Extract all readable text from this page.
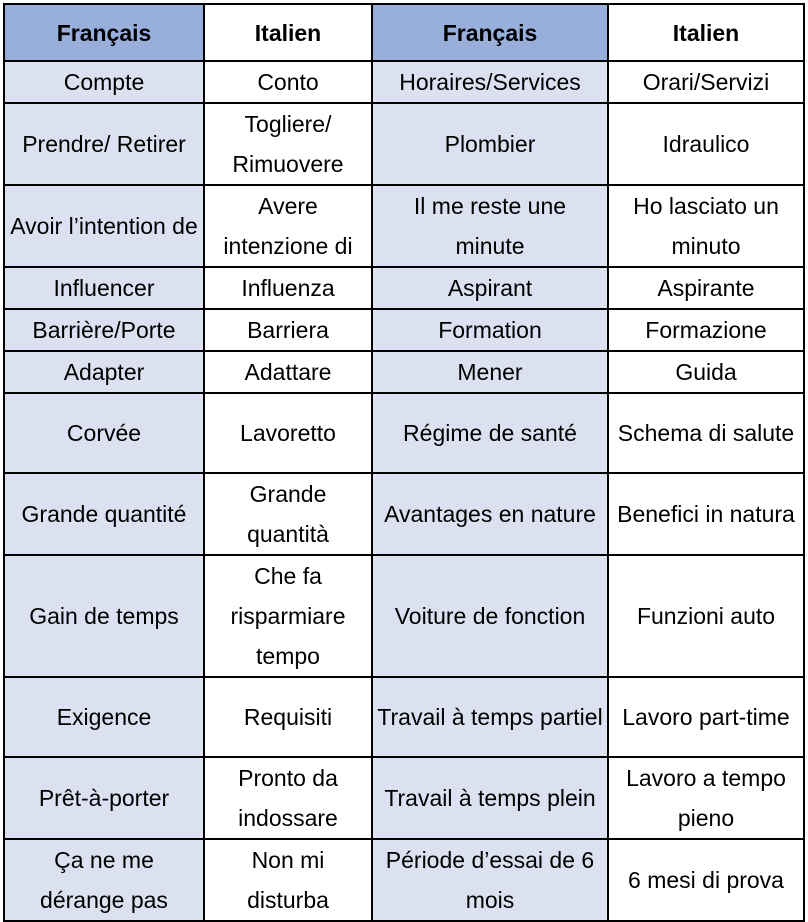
Français	Italien	Français	Italien
Compte	Conto	Horaires/Services	Orari/Servizi
Prendre/ Retirer	Togliere/ Rimuovere	Plombier	Idraulico
Avoir l’intention de	Avere intenzione di	Il me reste une minute	Ho lasciato un minuto
Influencer	Influenza	Aspirant	Aspirante
Barrière/Porte	Barriera	Formation	Formazione
Adapter	Adattare	Mener	Guida
Corvée	Lavoretto	Régime de santé	Schema di salute
Grande quantité	Grande quantità	Avantages en nature	Benefici in natura
Gain de temps	Che fa risparmiare tempo	Voiture de fonction	Funzioni auto
Exigence	Requisiti	Travail à temps partiel	Lavoro part-time
Prêt-à-porter	Pronto da indossare	Travail à temps plein	Lavoro a tempo pieno
Ça ne me dérange pas	Non mi disturba	Période d’essai de 6 mois	6 mesi di prova
